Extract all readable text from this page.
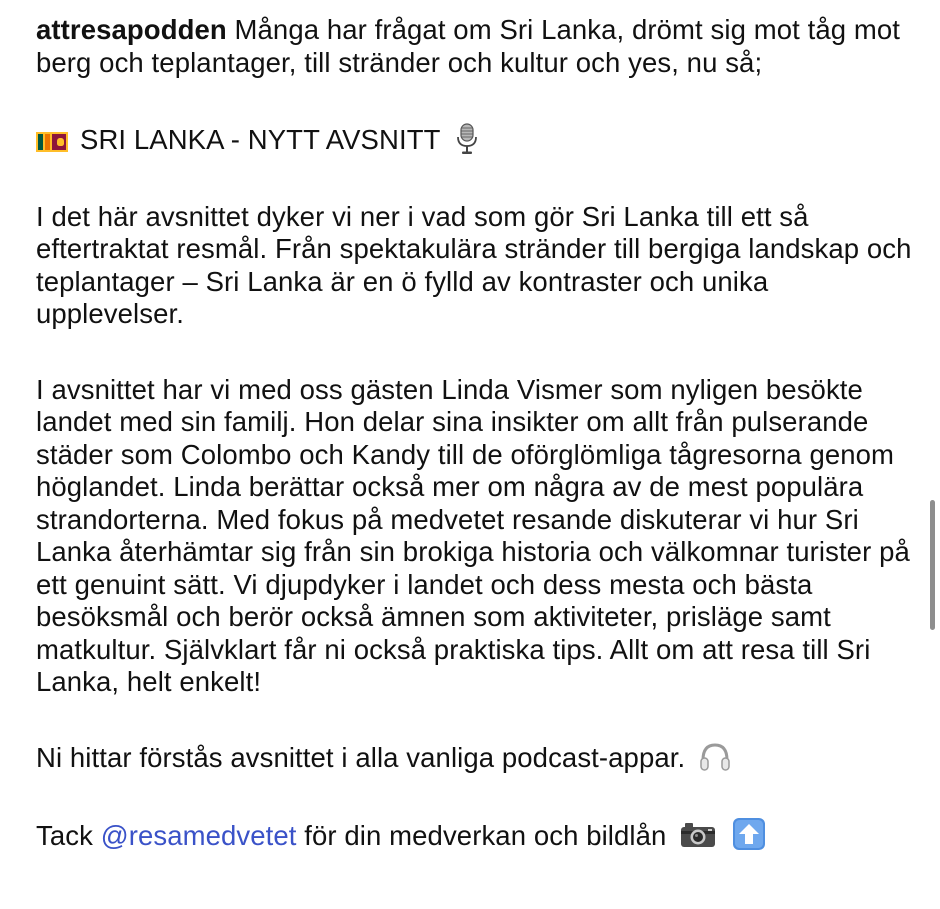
attresapodden Många har frågat om Sri Lanka, drömt sig mot tåg mot berg och teplantager, till stränder och kultur och yes, nu så;

SRI LANKA - NYTT AVSNITT

I det här avsnittet dyker vi ner i vad som gör Sri Lanka till ett så eftertraktat resmål. Från spektakulära stränder till bergiga landskap och teplantager – Sri Lanka är en ö fylld av kontraster och unika upplevelser.

I avsnittet har vi med oss gästen Linda Vismer som nyligen besökte landet med sin familj. Hon delar sina insikter om allt från pulserande städer som Colombo och Kandy till de oförglömliga tågresorna genom höglandet. Linda berättar också mer om några av de mest populära strandorterna. Med fokus på medvetet resande diskuterar vi hur Sri Lanka återhämtar sig från sin brokiga historia och välkomnar turister på ett genuint sätt. Vi djupdyker i landet och dess mesta och bästa besöksmål och berör också ämnen som aktiviteter, prisläge samt matkultur. Självklart får ni också praktiska tips. Allt om att resa till Sri Lanka, helt enkelt!

Ni hittar förstås avsnittet i alla vanliga podcast-appar.

Tack @resamedvetet för din medverkan och bildlån
